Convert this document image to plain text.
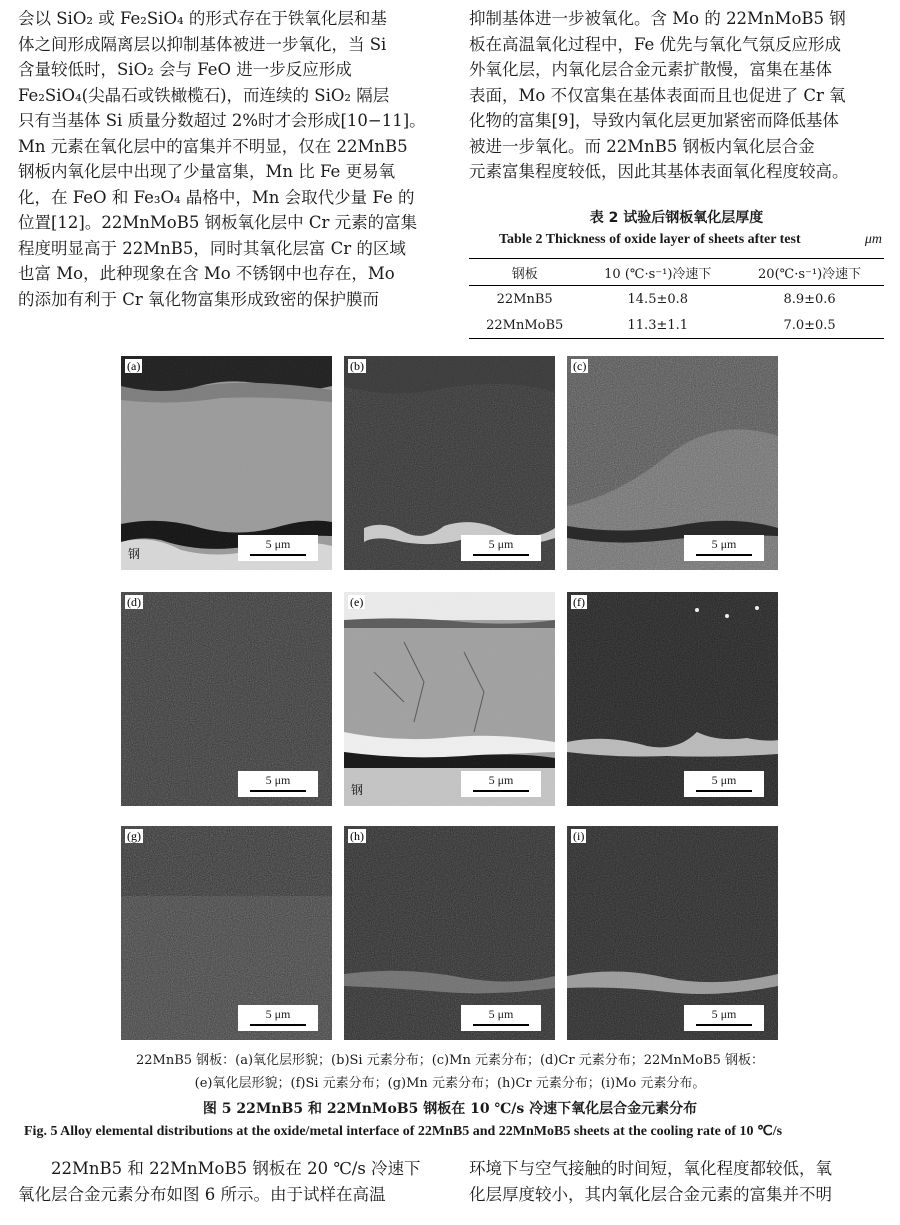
会以 SiO₂ 或 Fe₂SiO₄ 的形式存在于铁氧化层和基

体之间形成隔离层以抑制基体被进一步氧化，当 Si

含量较低时，SiO₂ 会与 FeO 进一步反应形成

Fe₂SiO₄(尖晶石或铁橄榄石)，而连续的 SiO₂ 隔层

只有当基体 Si 质量分数超过 2%时才会形成[10−11]。

Mn 元素在氧化层中的富集并不明显，仅在 22MnB5

钢板内氧化层中出现了少量富集，Mn 比 Fe 更易氧

化，在 FeO 和 Fe₃O₄ 晶格中，Mn 会取代少量 Fe 的

位置[12]。22MnMoB5 钢板氧化层中 Cr 元素的富集

程度明显高于 22MnB5，同时其氧化层富 Cr 的区域

也富 Mo，此种现象在含 Mo 不锈钢中也存在，Mo

的添加有利于 Cr 氧化物富集形成致密的保护膜而

抑制基体进一步被氧化。含 Mo 的 22MnMoB5 钢

板在高温氧化过程中，Fe 优先与氧化气氛反应形成

外氧化层，内氧化层合金元素扩散慢，富集在基体

表面，Mo 不仅富集在基体表面而且也促进了 Cr 氧

化物的富集[9]，导致内氧化层更加紧密而降低基体

被进一步氧化。而 22MnB5 钢板内氧化层合金

元素富集程度较低，因此其基体表面氧化程度较高。

表 2 试验后钢板氧化层厚度
Table 2 Thickness of oxide layer of sheets after test	μm
钢板	10 (℃·s⁻¹)冷速下	20(℃·s⁻¹)冷速下
22MnB5	14.5±0.8	8.9±0.6
22MnMoB5	11.3±1.1	7.0±0.5
(a)
钢
5 μm
(b)
5 μm
(c)
5 μm
(d)
5 μm
(e)
钢
5 μm
(f)
5 μm
(g)
5 μm
(h)
5 μm
(i)
5 μm
22MnB5 钢板：(a)氧化层形貌；(b)Si 元素分布；(c)Mn 元素分布；(d)Cr 元素分布；22MnMoB5 钢板：
(e)氧化层形貌；(f)Si 元素分布；(g)Mn 元素分布；(h)Cr 元素分布；(i)Mo 元素分布。
图 5 22MnB5 和 22MnMoB5 钢板在 10 ℃/s 冷速下氧化层合金元素分布
Fig. 5 Alloy elemental distributions at the oxide/metal interface of 22MnB5 and 22MnMoB5 sheets at the cooling rate of 10 ℃/s

22MnB5 和 22MnMoB5 钢板在 20 ℃/s 冷速下

氧化层合金元素分布如图 6 所示。由于试样在高温

环境下与空气接触的时间短，氧化程度都较低，氧

化层厚度较小，其内氧化层合金元素的富集并不明
